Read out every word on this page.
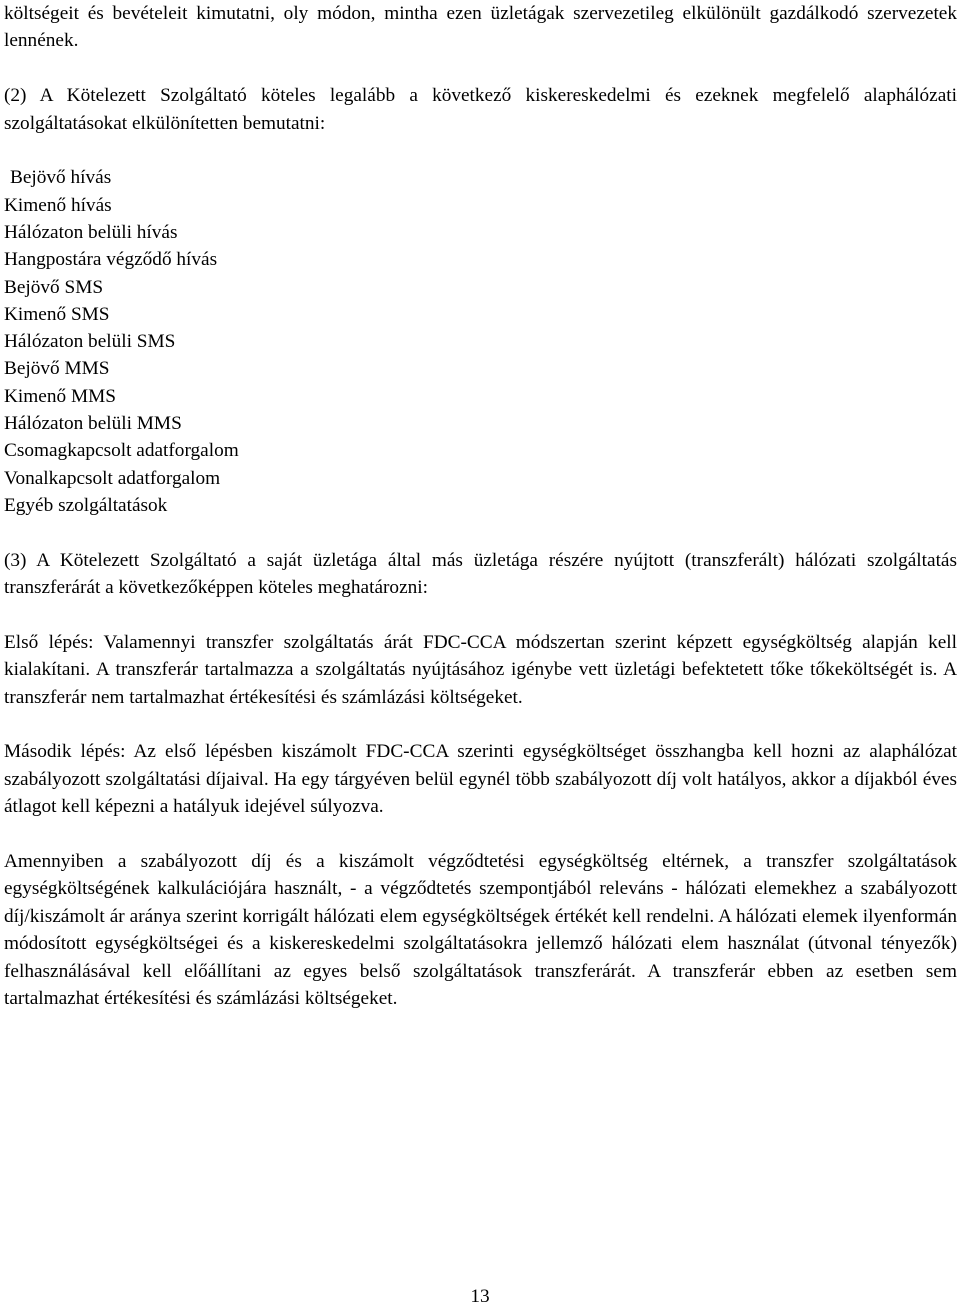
költségeit és bevételeit kimutatni, oly módon, mintha ezen üzletágak szervezetileg elkülönült gazdálkodó szervezetek lennének.

(2) A Kötelezett Szolgáltató köteles legalább a következő kiskereskedelmi és ezeknek megfelelő alaphálózati szolgáltatásokat elkülönítetten bemutatni:

Bejövő hívás
Kimenő hívás
Hálózaton belüli hívás
Hangpostára végződő hívás
Bejövő SMS
Kimenő SMS
Hálózaton belüli SMS
Bejövő MMS
Kimenő MMS
Hálózaton belüli MMS
Csomagkapcsolt adatforgalom
Vonalkapcsolt adatforgalom
Egyéb szolgáltatások

(3) A Kötelezett Szolgáltató a saját üzletága által más üzletága részére nyújtott (transzferált) hálózati szolgáltatás transzferárát a következőképpen köteles meghatározni:

Első lépés: Valamennyi transzfer szolgáltatás árát FDC-CCA módszertan szerint képzett egységköltség alapján kell kialakítani. A transzferár tartalmazza a szolgáltatás nyújtásához igénybe vett üzletági befektetett tőke tőkeköltségét is. A transzferár nem tartalmazhat értékesítési és számlázási költségeket.

Második lépés: Az első lépésben kiszámolt FDC-CCA szerinti egységköltséget összhangba kell hozni az alaphálózat szabályozott szolgáltatási díjaival. Ha egy tárgyéven belül egynél több szabályozott díj volt hatályos, akkor a díjakból éves átlagot kell képezni a hatályuk idejével súlyozva.

Amennyiben a szabályozott díj és a kiszámolt végződtetési egységköltség eltérnek, a transzfer szolgáltatások egységköltségének kalkulációjára használt, - a végződtetés szempontjából releváns - hálózati elemekhez a szabályozott díj/kiszámolt ár aránya szerint korrigált hálózati elem egységköltségek értékét kell rendelni. A hálózati elemek ilyenformán módosított egységköltségei és a kiskereskedelmi szolgáltatásokra jellemző hálózati elem használat (útvonal tényezők) felhasználásával kell előállítani az egyes belső szolgáltatások transzferárát. A transzferár ebben az esetben sem tartalmazhat értékesítési és számlázási költségeket.

13
